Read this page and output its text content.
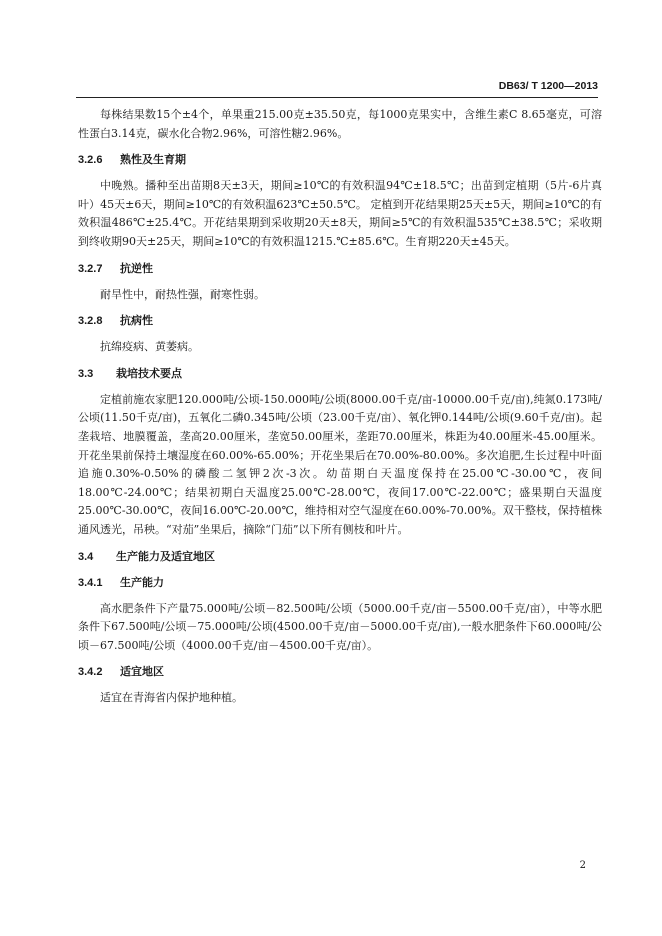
DB63/ T 1200—2013

每株结果数15个±4个，单果重215.00克±35.50克，每1000克果实中，含维生素C 8.65毫克，可溶性蛋白3.14克，碳水化合物2.96%，可溶性糖2.96%。

3.2.6	熟性及生育期

中晚熟。播种至出苗期8天±3天，期间≥10℃的有效积温94℃±18.5℃；出苗到定植期（5片-6片真叶）45天±6天，期间≥10℃的有效积温623℃±50.5℃。 定植到开花结果期25天±5天，期间≥10℃的有效积温486℃±25.4℃。开花结果期到采收期20天±8天，期间≥5℃的有效积温535℃±38.5℃；采收期到终收期90天±25天，期间≥10℃的有效积温1215.℃±85.6℃。生育期220天±45天。

3.2.7	抗逆性

耐旱性中，耐热性强，耐寒性弱。

3.2.8	抗病性

抗绵疫病、黄萎病。

3.3	栽培技术要点

定植前施农家肥120.000吨/公顷-150.000吨/公顷(8000.00千克/亩-10000.00千克/亩),纯氮0.173吨/公顷(11.50千克/亩)，五氧化二磷0.345吨/公顷（23.00千克/亩）、氧化钾0.144吨/公顷(9.60千克/亩)。起垄栽培、地膜覆盖，垄高20.00厘米，垄宽50.00厘米，垄距70.00厘米，株距为40.00厘米-45.00厘米。开花坐果前保持土壤湿度在60.00%-65.00%；开花坐果后在70.00%-80.00%。多次追肥,生长过程中叶面追施0.30%-0.50%的磷酸二氢钾2次-3次。幼苗期白天温度保持在25.00℃-30.00℃，夜间18.00℃-24.00℃；结果初期白天温度25.00℃-28.00℃，夜间17.00℃-22.00℃；盛果期白天温度25.00℃-30.00℃，夜间16.00℃-20.00℃，维持相对空气湿度在60.00%-70.00%。双干整枝，保持植株通风透光，吊秧。“对茄”坐果后，摘除“门茄”以下所有侧枝和叶片。

3.4	生产能力及适宜地区
3.4.1	生产能力

高水肥条件下产量75.000吨/公顷－82.500吨/公顷（5000.00千克/亩－5500.00千克/亩），中等水肥条件下67.500吨/公顷－75.000吨/公顷(4500.00千克/亩－5000.00千克/亩),一般水肥条件下60.000吨/公顷－67.500吨/公顷（4000.00千克/亩－4500.00千克/亩）。

3.4.2	适宜地区

适宜在青海省内保护地种植。

2
